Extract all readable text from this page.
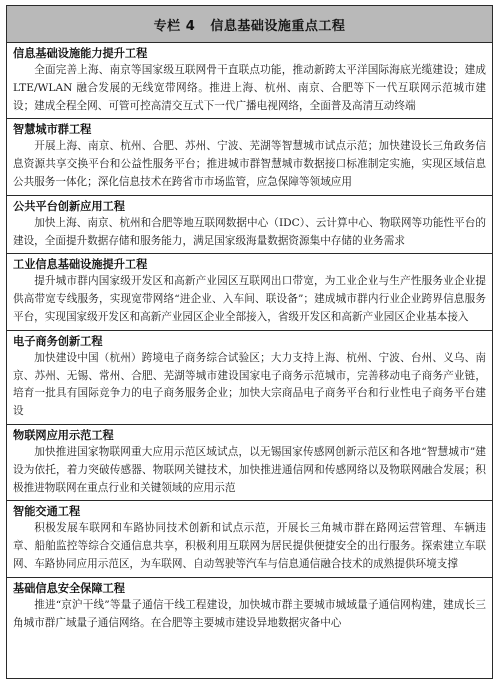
专栏 4   信息基础设施重点工程
信息基础设施能力提升工程
全面完善上海、南京等国家级互联网骨干直联点功能，推动新跨太平洋国际海底光缆建设；建成 LTE/WLAN 融合发展的无线宽带网络。推进上海、杭州、南京、合肥等下一代互联网示范城市建设；建成全程全网、可管可控高清交互式下一代广播电视网络，全面普及高清互动终端
智慧城市群工程
开展上海、南京、杭州、合肥、苏州、宁波、芜湖等智慧城市试点示范；加快建设长三角政务信息资源共享交换平台和公益性服务平台；推进城市群智慧城市数据接口标准制定实施，实现区域信息公共服务一体化；深化信息技术在跨省市市场监管，应急保障等领域应用
公共平台创新应用工程
加快上海、南京、杭州和合肥等地互联网数据中心（IDC）、云计算中心、物联网等功能性平台的建设，全面提升数据存储和服务能力，满足国家级海量数据资源集中存储的业务需求
工业信息基础设施提升工程
提升城市群内国家级开发区和高新产业园区互联网出口带宽，为工业企业与生产性服务业企业提供高带宽专线服务，实现宽带网络“进企业、入车间、联设备”；建成城市群内行业企业跨界信息服务平台，实现国家级开发区和高新产业园区企业全部接入，省级开发区和高新产业园区企业基本接入
电子商务创新工程
加快建设中国（杭州）跨境电子商务综合试验区；大力支持上海、杭州、宁波、台州、义乌、南京、苏州、无锡、常州、合肥、芜湖等城市建设国家电子商务示范城市，完善移动电子商务产业链，培育一批具有国际竞争力的电子商务服务企业；加快大宗商品电子商务平台和行业性电子商务平台建设
物联网应用示范工程
加快推进国家物联网重大应用示范区域试点，以无锡国家传感网创新示范区和各地“智慧城市”建设为依托，着力突破传感器、物联网关键技术，加快推进通信网和传感网络以及物联网融合发展；积极推进物联网在重点行业和关键领域的应用示范
智能交通工程
积极发展车联网和车路协同技术创新和试点示范，开展长三角城市群在路网运营管理、车辆违章、船舶监控等综合交通信息共享，积极利用互联网为居民提供便捷安全的出行服务。探索建立车联网、车路协同应用示范区，为车联网、自动驾驶等汽车与信息通信融合技术的成熟提供环境支撑
基础信息安全保障工程
推进“京沪干线”等量子通信干线工程建设，加快城市群主要城市城域量子通信网构建，建成长三角城市群广域量子通信网络。在合肥等主要城市建设异地数据灾备中心
